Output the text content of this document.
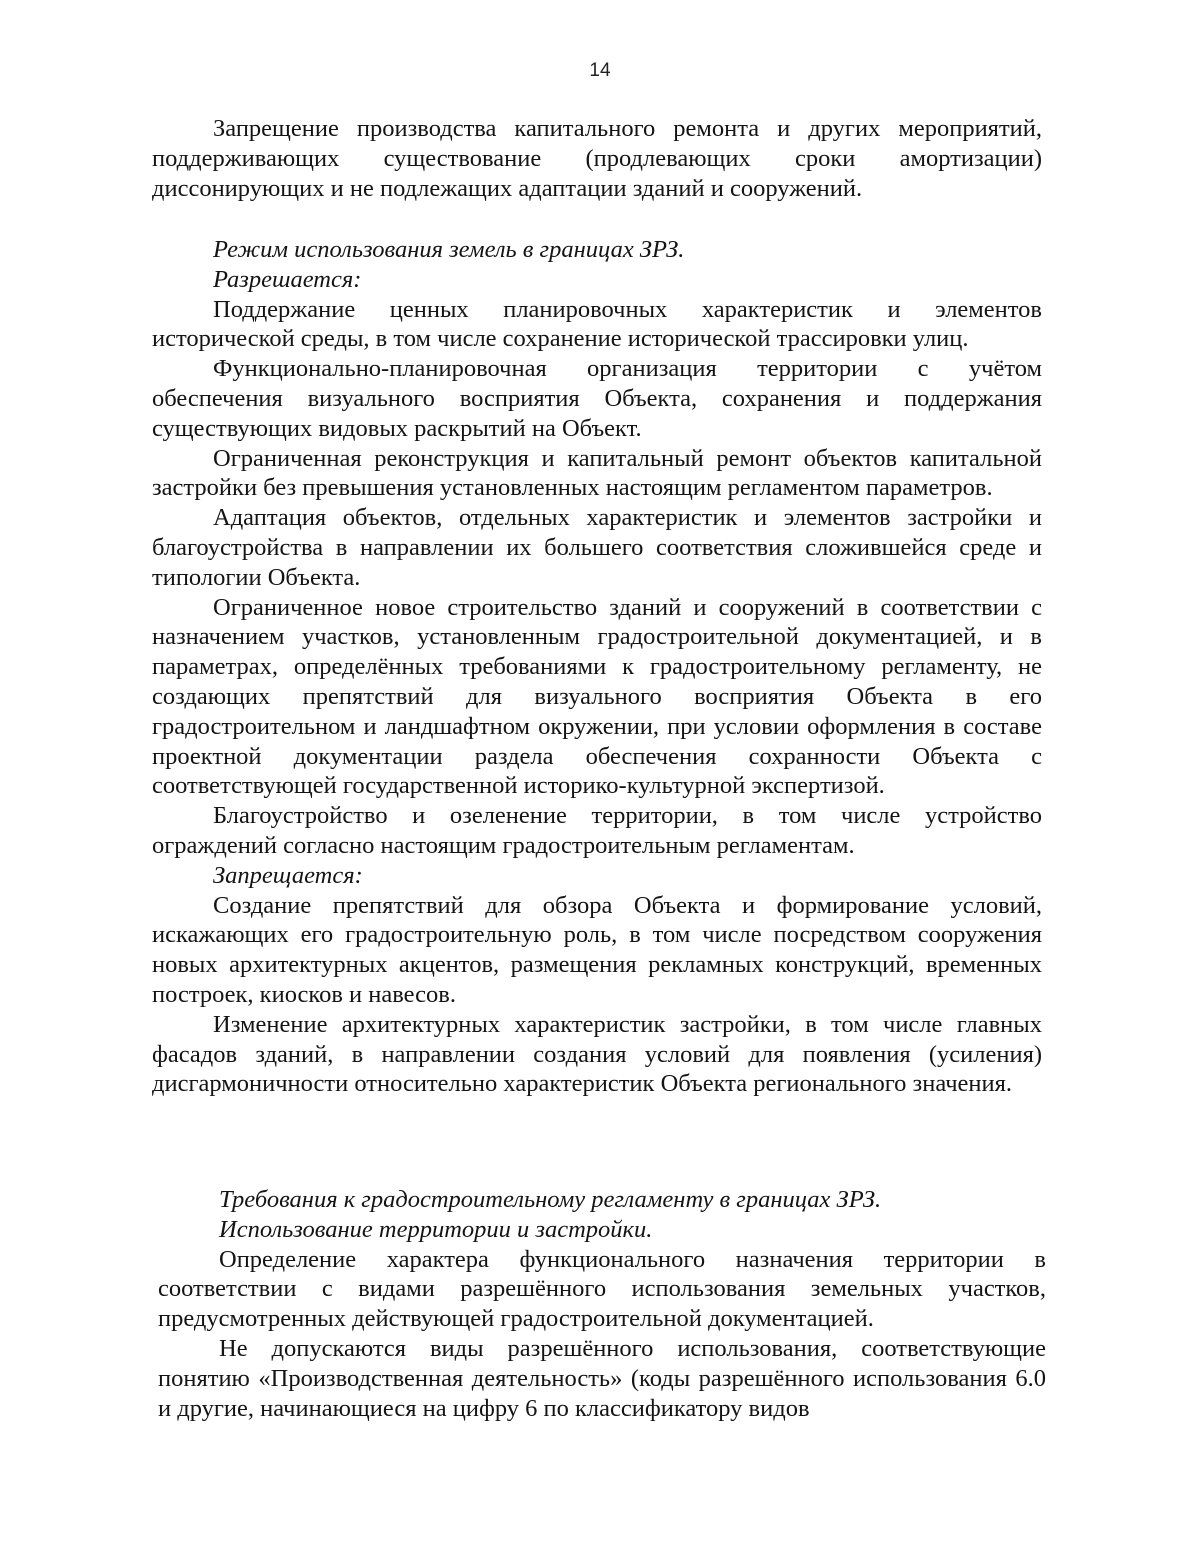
14

Запрещение производства капитального ремонта и других мероприятий, поддерживающих существование (продлевающих сроки амортизации) диссонирующих и не подлежащих адаптации зданий и сооружений.

Режим использования земель в границах ЗРЗ.

Разрешается:

Поддержание ценных планировочных характеристик и элементов исторической среды, в том числе сохранение исторической трассировки улиц.

Функционально-планировочная организация территории с учётом обеспечения визуального восприятия Объекта, сохранения и поддержания существующих видовых раскрытий на Объект.

Ограниченная реконструкция и капитальный ремонт объектов капитальной застройки без превышения установленных настоящим регламентом параметров.

Адаптация объектов, отдельных характеристик и элементов застройки и благоустройства в направлении их большего соответствия сложившейся среде и типологии Объекта.

Ограниченное новое строительство зданий и сооружений в соответствии с назначением участков, установленным градостроительной документацией, и в параметрах, определённых требованиями к градостроительному регламенту, не создающих препятствий для визуального восприятия Объекта в его градостроительном и ландшафтном окружении, при условии оформления в составе проектной документации раздела обеспечения сохранности Объекта с соответствующей государственной историко-культурной экспертизой.

Благоустройство и озеленение территории, в том числе устройство ограждений согласно настоящим градостроительным регламентам.

Запрещается:

Создание препятствий для обзора Объекта и формирование условий, искажающих его градостроительную роль, в том числе посредством сооружения новых архитектурных акцентов, размещения рекламных конструкций, временных построек, киосков и навесов.

Изменение архитектурных характеристик застройки, в том числе главных фасадов зданий, в направлении создания условий для появления (усиления) дисгармоничности относительно характеристик Объекта регионального значения.

Требования к градостроительному регламенту в границах ЗРЗ.

Использование территории и застройки.

Определение характера функционального назначения территории в соответствии с видами разрешённого использования земельных участков, предусмотренных действующей градостроительной документацией.

Не допускаются виды разрешённого использования, соответствующие понятию «Производственная деятельность» (коды разрешённого использования 6.0 и другие, начинающиеся на цифру 6 по классификатору видов
